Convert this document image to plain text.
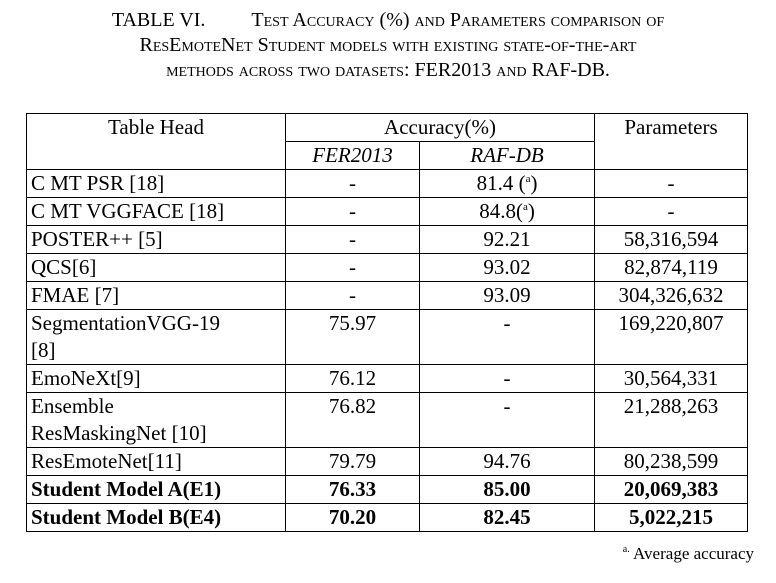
TABLE VI. Test Accuracy (%) and Parameters comparison of
ResEmoteNet Student models with existing state-of-the-art
methods across two datasets: FER2013 and RAF-DB.
Table Head	Accuracy(%)		Parameters
	FER2013	RAF-DB	
C MT PSR [18]	-	81.4 ($^a$)	-
C MT VGGFACE [18]	-	84.8($^a$)	-
POSTER++ [5]	-	92.21	58,316,594
QCS[6]	-	93.02	82,874,119
FMAE [7]	-	93.09	304,326,632

SegmentationVGG-19
[8]	75.97	-	169,220,807
EmoNeXt[9]	76.12	-	30,564,331

Ensemble
ResMaskingNet [10]	76.82	-	21,288,263
ResEmoteNet[11]	79.79	94.76	80,238,599
Student Model A(E1)	76.33	85.00	20,069,383
Student Model B(E4)	70.20	82.45	5,022,215
$^{a.}$ Average accuracy
